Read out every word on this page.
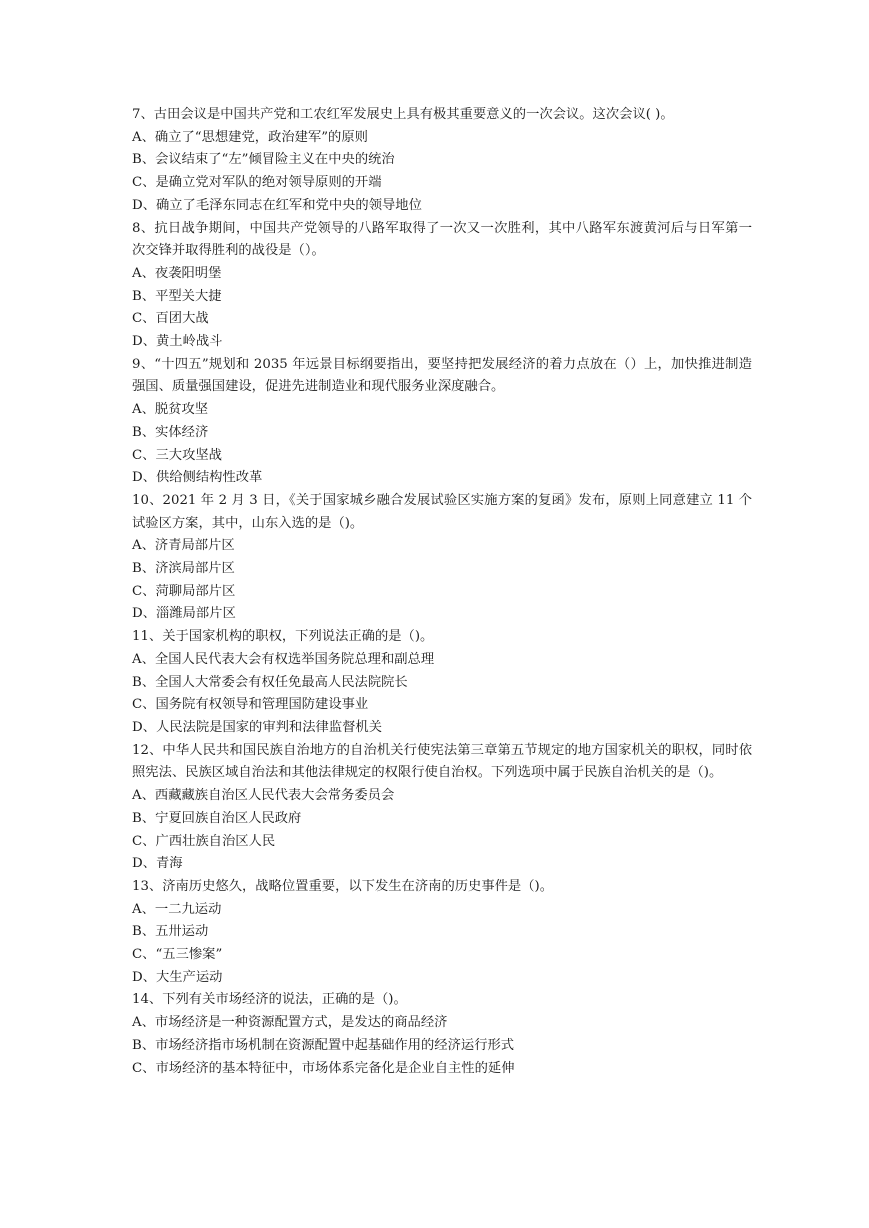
7、古田会议是中国共产党和工农红军发展史上具有极其重要意义的一次会议。这次会议( )。

A、确立了“思想建党，政治建军”的原则

B、会议结束了“左”倾冒险主义在中央的统治

C、是确立党对军队的绝对领导原则的开端

D、确立了毛泽东同志在红军和党中央的领导地位

8、抗日战争期间，中国共产党领导的八路军取得了一次又一次胜利，其中八路军东渡黄河后与日军第一次交锋并取得胜利的战役是（）。

A、夜袭阳明堡

B、平型关大捷

C、百团大战

D、黄土岭战斗

9、“十四五”规划和 2035 年远景目标纲要指出，要坚持把发展经济的着力点放在（）上，加快推进制造强国、质量强国建设，促进先进制造业和现代服务业深度融合。

A、脱贫攻坚

B、实体经济

C、三大攻坚战

D、供给侧结构性改革

10、2021 年 2 月 3 日，《关于国家城乡融合发展试验区实施方案的复函》发布，原则上同意建立 11 个试验区方案，其中，山东入选的是（)。

A、济青局部片区

B、济滨局部片区

C、菏聊局部片区

D、淄潍局部片区

11、关于国家机构的职权，下列说法正确的是（)。

A、全国人民代表大会有权选举国务院总理和副总理

B、全国人大常委会有权任免最高人民法院院长

C、国务院有权领导和管理国防建设事业

D、人民法院是国家的审判和法律监督机关

12、中华人民共和国民族自治地方的自治机关行使宪法第三章第五节规定的地方国家机关的职权，同时依照宪法、民族区域自治法和其他法律规定的权限行使自治权。下列选项中属于民族自治机关的是（)。

A、西藏藏族自治区人民代表大会常务委员会

B、宁夏回族自治区人民政府

C、广西壮族自治区人民

D、青海

13、济南历史悠久，战略位置重要，以下发生在济南的历史事件是（)。

A、一二九运动

B、五卅运动

C、“五三惨案”

D、大生产运动

14、下列有关市场经济的说法，正确的是（)。

A、市场经济是一种资源配置方式，是发达的商品经济

B、市场经济指市场机制在资源配置中起基础作用的经济运行形式

C、市场经济的基本特征中，市场体系完备化是企业自主性的延伸
